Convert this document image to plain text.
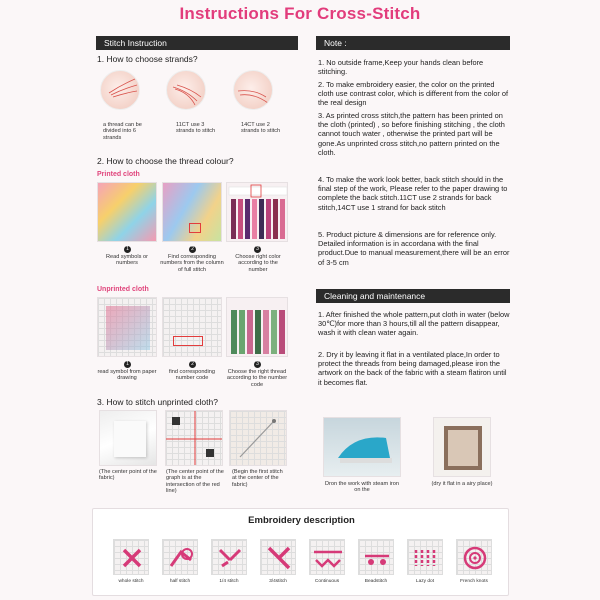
Instructions For Cross-Stitch
Stitch Instruction
1. How to choose strands?
a thread can be divided into 6 strands
11CT use 3 strands to stitch
14CT use 2 strands to stitch
2. How to choose the thread colour?
Printed cloth
1	2	3
Read symbols or numbers
Find corresponding numbers from the column of full stitch
Choose right color according to the number
Unprinted cloth
1	2	3
read symbol from paper drawing
find corresponding number code
Choose the right thread according to the number code
3. How to stitch unprinted cloth?
(The center point of the fabric)
(The center point of the graph is at the intersection of the red line)
(Begin the first stitch at the center of the fabric)
Note :
1. No outside frame,Keep your hands clean before stitching.
2. To make embroidery easier, the color on the printed cloth use contrast color, which is different from the color of the real design
3. As printed cross stitch,the pattern has been printed on the cloth (printed) , so before finishing stitching , the cloth cannot touch water , otherwise the printed part will be gone.As unprinted cross stitch,no pattern printed on the cloth.
4. To make the work look better, back stitch should in the final step of the work, Please refer to the paper drawing to complete the back stitch.11CT use 2 strands for back stitch,14CT use 1 strand for back stitch
5. Product picture & dimensions are for reference only. Detailed information is in accordana with the final product.Due to manual measurement,there will be an error of 3-5 cm
Cleaning and maintenance
1. After finished the whole pattern,put cloth in water (below 30℃)for more than 3 hours,till all the pattern disappear, wash it with clean water again.
2. Dry it by leaving it flat in a ventilated place,In order to protect the threads from being damaged,please iron the artwork on the back of the fabric with a steam flatiron until it becomes flat.
Dron the work with steam iron on the
(dry it flat in a airy place)
Embroidery description
whole stitch	half stitch	1/4 stitch	3/4stitch	Continuous	Beadstitch	Lazy dot	French knots
